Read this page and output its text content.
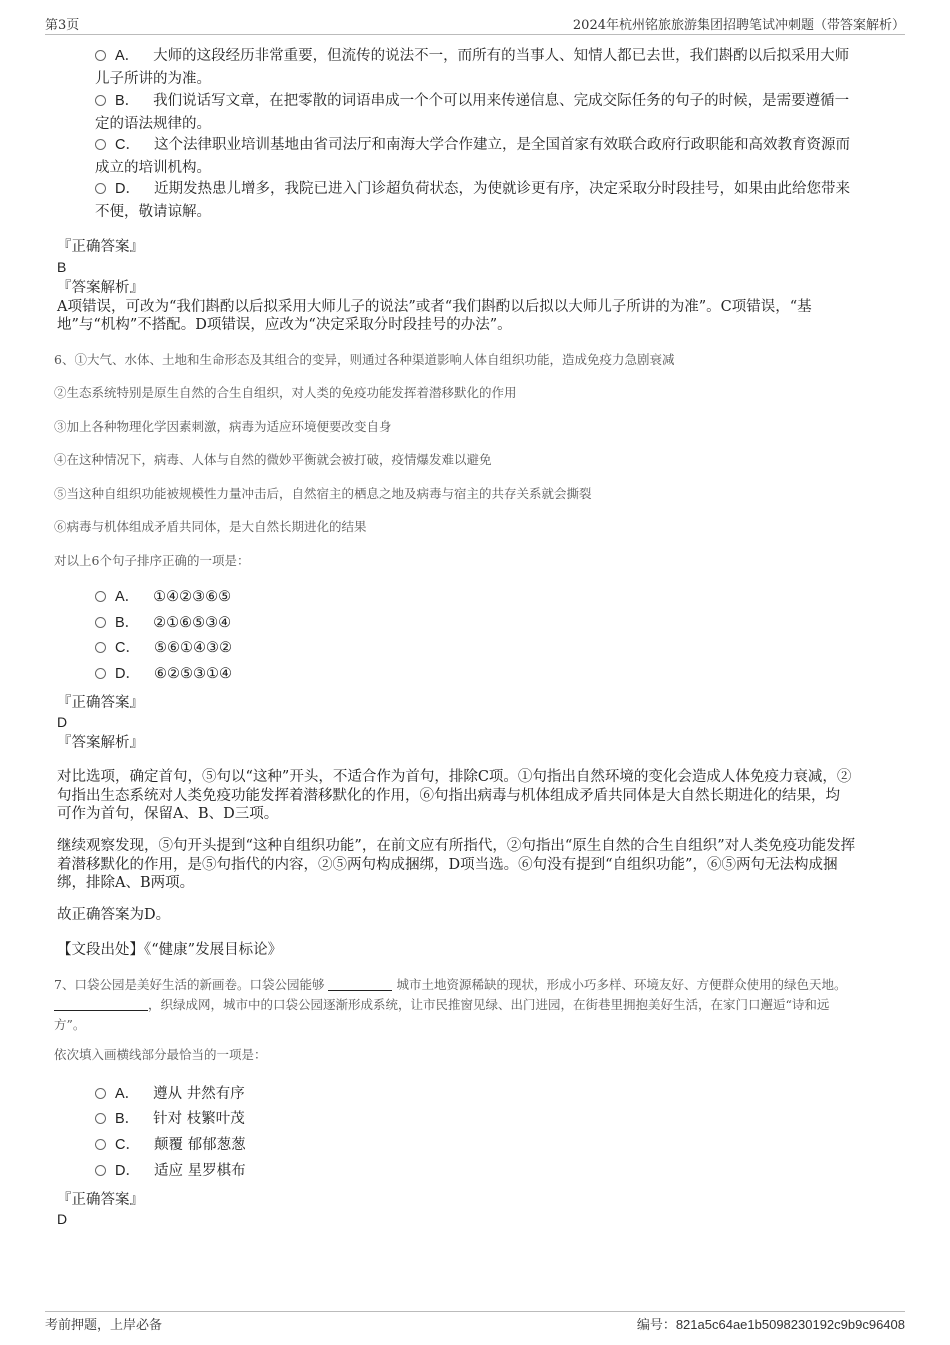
第3页	2024年杭州铭旅旅游集团招聘笔试冲刺题（带答案解析）
A． 大师的这段经历非常重要，但流传的说法不一，而所有的当事人、知情人都已去世，我们斟酌以后拟采用大师
儿子所讲的为准。
B． 我们说话写文章，在把零散的词语串成一个个可以用来传递信息、完成交际任务的句子的时候，是需要遵循一
定的语法规律的。
C． 这个法律职业培训基地由省司法厅和南海大学合作建立，是全国首家有效联合政府行政职能和高效教育资源而
成立的培训机构。
D． 近期发热患儿增多，我院已进入门诊超负荷状态，为使就诊更有序，决定采取分时段挂号，如果由此给您带来
不便，敬请谅解。
『正确答案』
B
『答案解析』
A项错误，可改为“我们斟酌以后拟采用大师儿子的说法”或者“我们斟酌以后拟以大师儿子所讲的为准”。C项错误，“基
地”与“机构”不搭配。D项错误，应改为“决定采取分时段挂号的办法”。
6、①大气、水体、土地和生命形态及其组合的变异，则通过各种渠道影响人体自组织功能，造成免疫力急剧衰减
②生态系统特别是原生自然的合生自组织，对人类的免疫功能发挥着潜移默化的作用
③加上各种物理化学因素刺激，病毒为适应环境便要改变自身
④在这种情况下，病毒、人体与自然的微妙平衡就会被打破，疫情爆发难以避免
⑤当这种自组织功能被规模性力量冲击后，自然宿主的栖息之地及病毒与宿主的共存关系就会撕裂
⑥病毒与机体组成矛盾共同体，是大自然长期进化的结果
对以上6个句子排序正确的一项是：
A． ①④②③⑥⑤
B． ②①⑥⑤③④
C． ⑤⑥①④③②
D． ⑥②⑤③①④
『正确答案』
D
『答案解析』
对比选项，确定首句，⑤句以“这种”开头，不适合作为首句，排除C项。①句指出自然环境的变化会造成人体免疫力衰减，②
句指出生态系统对人类免疫功能发挥着潜移默化的作用，⑥句指出病毒与机体组成矛盾共同体是大自然长期进化的结果，均
可作为首句，保留A、B、D三项。
继续观察发现，⑤句开头提到“这种自组织功能”，在前文应有所指代，②句指出“原生自然的合生自组织”对人类免疫功能发挥
着潜移默化的作用，是⑤句指代的内容，②⑤两句构成捆绑，D项当选。⑥句没有提到“自组织功能”，⑥⑤两句无法构成捆
绑，排除A、B两项。
故正确答案为D。
【文段出处】《“健康”发展目标论》
7、口袋公园是美好生活的新画卷。口袋公园能够	城市土地资源稀缺的现状，形成小巧多样、环境友好、方便群众使用的绿色天地。
，织绿成网，城市中的口袋公园逐渐形成系统，让市民推窗见绿、出门进园，在街巷里拥抱美好生活，在家门口邂逅“诗和远
方”。
依次填入画横线部分最恰当的一项是：
A． 遵从 井然有序
B． 针对 枝繁叶茂
C． 颠覆 郁郁葱葱
D． 适应 星罗棋布
『正确答案』
D
考前押题，上岸必备	编号：821a5c64ae1b5098230192c9b9c96408
